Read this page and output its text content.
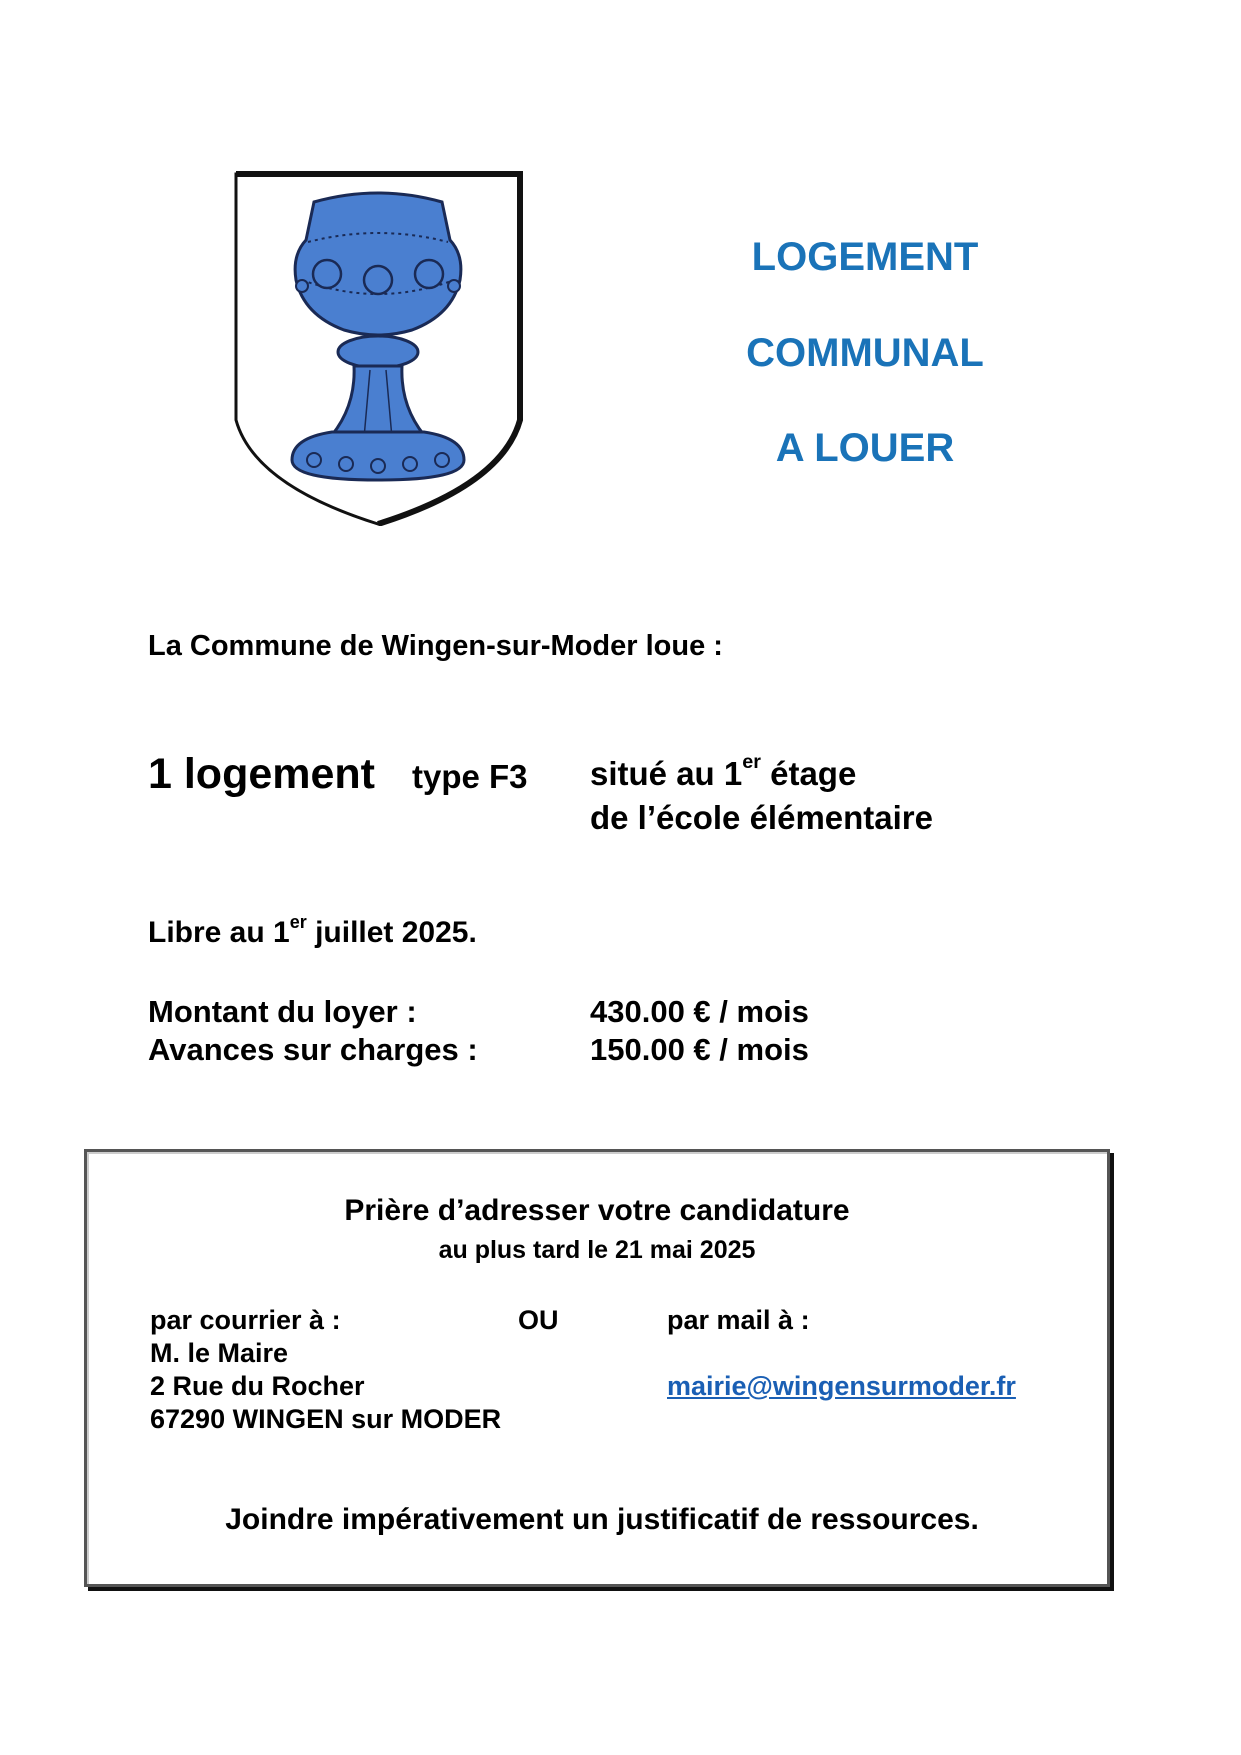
LOGEMENT
COMMUNAL
A LOUER
La Commune de Wingen-sur-Moder loue :
1 logement type F3 situé au 1er étage
de l’école élémentaire
Libre au 1er juillet 2025.
Montant du loyer :	430.00 € / mois
Avances sur charges :	150.00 € / mois
Prière d’adresser votre candidature
au plus tard le 21 mai 2025
par courrier à :	OU	par mail à :
M. le Maire
2 Rue du Rocher	mairie@wingensurmoder.fr
67290 WINGEN sur MODER
Joindre impérativement un justificatif de ressources.
